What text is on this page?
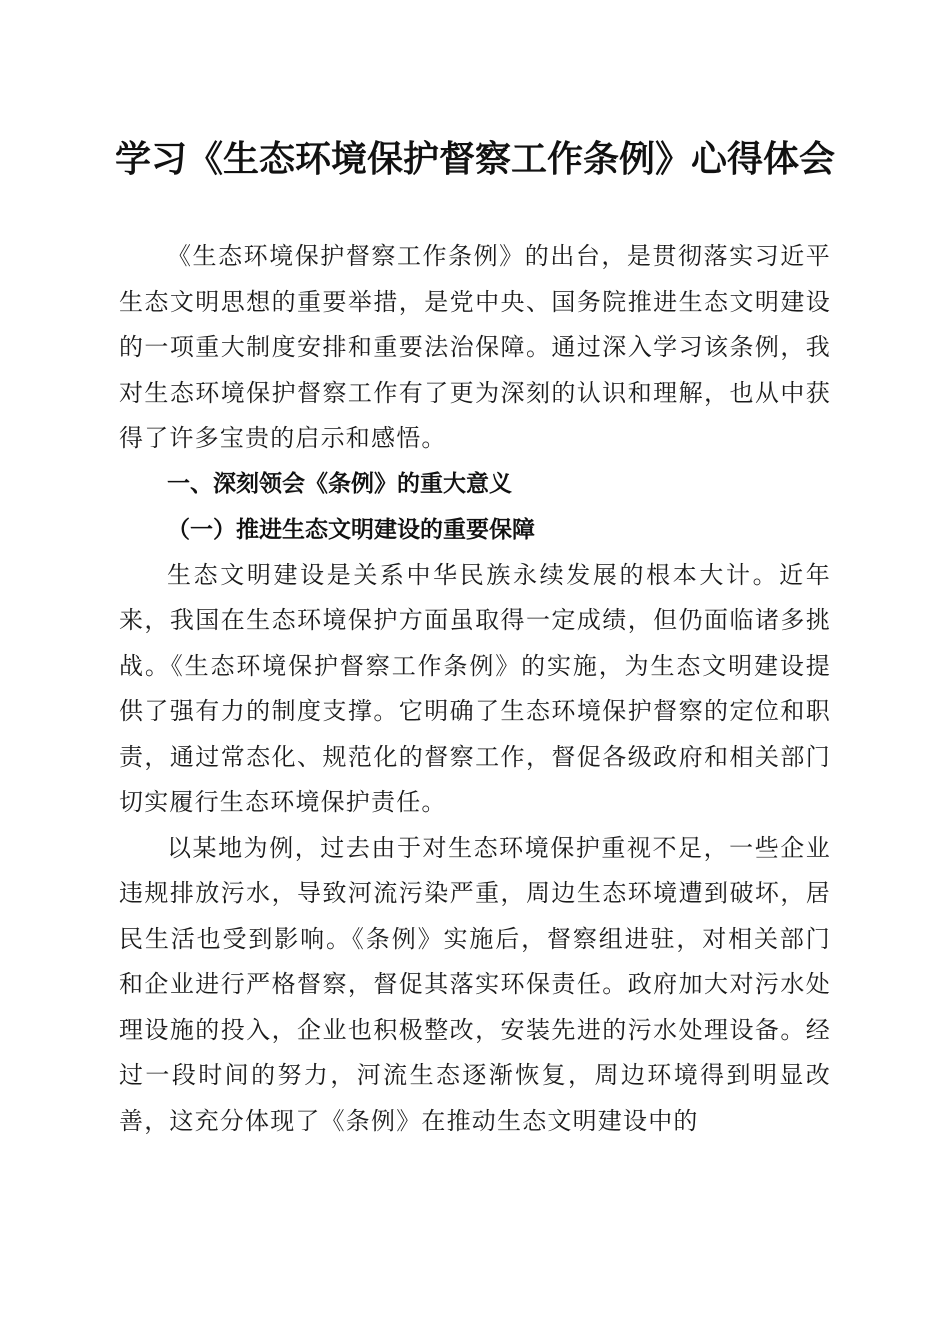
学习《生态环境保护督察工作条例》心得体会

《生态环境保护督察工作条例》的出台，是贯彻落实习近平生态文明思想的重要举措，是党中央、国务院推进生态文明建设的一项重大制度安排和重要法治保障。通过深入学习该条例，我对生态环境保护督察工作有了更为深刻的认识和理解，也从中获得了许多宝贵的启示和感悟。

一、深刻领会《条例》的重大意义

（一）推进生态文明建设的重要保障

生态文明建设是关系中华民族永续发展的根本大计。近年来，我国在生态环境保护方面虽取得一定成绩，但仍面临诸多挑战。《生态环境保护督察工作条例》的实施，为生态文明建设提供了强有力的制度支撑。它明确了生态环境保护督察的定位和职责，通过常态化、规范化的督察工作，督促各级政府和相关部门切实履行生态环境保护责任。

以某地为例，过去由于对生态环境保护重视不足，一些企业违规排放污水，导致河流污染严重，周边生态环境遭到破坏，居民生活也受到影响。《条例》实施后，督察组进驻，对相关部门和企业进行严格督察，督促其落实环保责任。政府加大对污水处理设施的投入，企业也积极整改，安装先进的污水处理设备。经过一段时间的努力，河流生态逐渐恢复，周边环境得到明显改善，这充分体现了《条例》在推动生态文明建设中的
